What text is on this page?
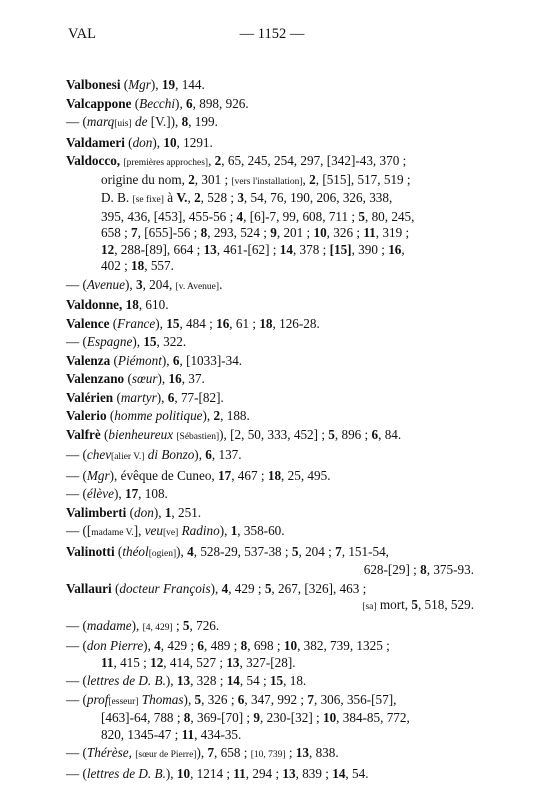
VAL	— 1152 —
Valbonesi (Mgr), 19, 144.
Valcappone (Becchi), 6, 898, 926.
— (marq[uis] de [V.]), 8, 199.
Valdameri (don), 10, 1291.
Valdocco, [premières approches], 2, 65, 245, 254, 297, [342]-43, 370 ;
origine du nom, 2, 301 ; [vers l'installation], 2, [515], 517, 519 ;
D. B. [se fixe] à V., 2, 528 ; 3, 54, 76, 190, 206, 326, 338,
395, 436, [453], 455-56 ; 4, [6]-7, 99, 608, 711 ; 5, 80, 245,
658 ; 7, [655]-56 ; 8, 293, 524 ; 9, 201 ; 10, 326 ; 11, 319 ;
12, 288-[89], 664 ; 13, 461-[62] ; 14, 378 ; [15], 390 ; 16,
402 ; 18, 557.
— (Avenue), 3, 204, [v. Avenue].
Valdonne, 18, 610.
Valence (France), 15, 484 ; 16, 61 ; 18, 126-28.
— (Espagne), 15, 322.
Valenza (Piémont), 6, [1033]-34.
Valenzano (sœur), 16, 37.
Valérien (martyr), 6, 77-[82].
Valerio (homme politique), 2, 188.
Valfrè (bienheureux [Sébastien]), [2, 50, 333, 452] ; 5, 896 ; 6, 84.
— (chev[alier V.] di Bonzo), 6, 137.
— (Mgr), évêque de Cuneo, 17, 467 ; 18, 25, 495.
— (élève), 17, 108.
Valimberti (don), 1, 251.
— ([madame V.], veu[ve] Radino), 1, 358-60.
Valinotti (théol[ogien]), 4, 528-29, 537-38 ; 5, 204 ; 7, 151-54,
628-[29] ; 8, 375-93.
Vallauri (docteur François), 4, 429 ; 5, 267, [326], 463 ;
[sa] mort, 5, 518, 529.
— (madame), [4, 429] ; 5, 726.
— (don Pierre), 4, 429 ; 6, 489 ; 8, 698 ; 10, 382, 739, 1325 ;
11, 415 ; 12, 414, 527 ; 13, 327-[28].
— (lettres de D. B.), 13, 328 ; 14, 54 ; 15, 18.
— (prof[esseur] Thomas), 5, 326 ; 6, 347, 992 ; 7, 306, 356-[57],
[463]-64, 788 ; 8, 369-[70] ; 9, 230-[32] ; 10, 384-85, 772,
820, 1345-47 ; 11, 434-35.
— (Thérèse, [sœur de Pierre]), 7, 658 ; [10, 739] ; 13, 838.
— (lettres de D. B.), 10, 1214 ; 11, 294 ; 13, 839 ; 14, 54.
